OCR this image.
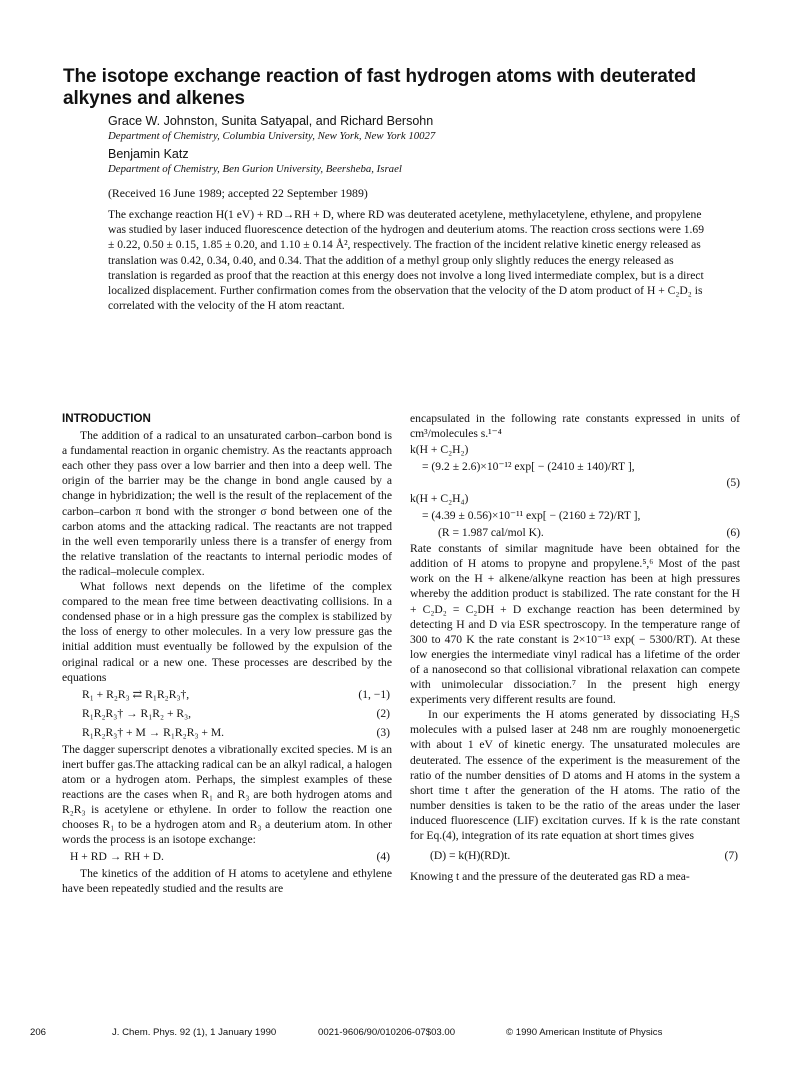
The isotope exchange reaction of fast hydrogen atoms with deuterated alkynes and alkenes

Grace W. Johnston, Sunita Satyapal, and Richard Bersohn

Department of Chemistry, Columbia University, New York, New York 10027

Benjamin Katz

Department of Chemistry, Ben Gurion University, Beersheba, Israel

(Received 16 June 1989; accepted 22 September 1989)

The exchange reaction H(1 eV) + RD→RH + D, where RD was deuterated acetylene, methylacetylene, ethylene, and propylene was studied by laser induced fluorescence detection of the hydrogen and deuterium atoms. The reaction cross sections were 1.69 ± 0.22, 0.50 ± 0.15, 1.85 ± 0.20, and 1.10 ± 0.14 Å², respectively. The fraction of the incident relative kinetic energy released as translation was 0.42, 0.34, 0.40, and 0.34. That the addition of a methyl group only slightly reduces the energy released as translation is regarded as proof that the reaction at this energy does not involve a long lived intermediate complex, but is a direct localized displacement. Further confirmation comes from the observation that the velocity of the D atom product of H + C₂D₂ is correlated with the velocity of the H atom reactant.

INTRODUCTION

The addition of a radical to an unsaturated carbon–carbon bond is a fundamental reaction in organic chemistry. As the reactants approach each other they pass over a low barrier and then into a deep well. The origin of the barrier may be the change in bond angle caused by a change in hybridization; the well is the result of the replacement of the carbon–carbon π bond with the stronger σ bond between one of the carbon atoms and the attacking radical. The reactants are not trapped in the well even temporarily unless there is a transfer of energy from the relative translation of the reactants to internal periodic modes of the radical–molecule complex.

What follows next depends on the lifetime of the complex compared to the mean free time between deactivating collisions. In a condensed phase or in a high pressure gas the complex is stabilized by the loss of energy to other molecules. In a very low pressure gas the initial addition must eventually be followed by the expulsion of the original radical or a new one. These processes are described by the equations

R₁ + R₂R₃ ⇄ R₁R₂R₃†,	(1, −1)
R₁R₂R₃† → R₁R₂ + R₃,	(2)
R₁R₂R₃† + M → R₁R₂R₃ + M.	(3)

The dagger superscript denotes a vibrationally excited species. M is an inert buffer gas.The attacking radical can be an alkyl radical, a halogen atom or a hydrogen atom. Perhaps, the simplest examples of these reactions are the cases when R₁ and R₃ are both hydrogen atoms and R₂R₃ is acetylene or ethylene. In order to follow the reaction one chooses R₁ to be a hydrogen atom and R₃ a deuterium atom. In other words the process is an isotope exchange:

H + RD → RH + D.	(4)

The kinetics of the addition of H atoms to acetylene and ethylene have been repeatedly studied and the results are

encapsulated in the following rate constants expressed in units of cm³/molecules s.¹⁻⁴

k(H + C₂H₂)
= (9.2 ± 2.6)×10⁻¹² exp[ − (2410 ± 140)/RT ],
(5)
k(H + C₂H₄)
= (4.39 ± 0.56)×10⁻¹¹ exp[ − (2160 ± 72)/RT ],
(R = 1.987 cal/mol K).	(6)

Rate constants of similar magnitude have been obtained for the addition of H atoms to propyne and propylene.⁵,⁶ Most of the past work on the H + alkene/alkyne reaction has been at high pressures whereby the addition product is stabilized. The rate constant for the H + C₂D₂ = C₂DH + D exchange reaction has been determined by detecting H and D via ESR spectroscopy. In the temperature range of 300 to 470 K the rate constant is 2×10⁻¹³ exp( − 5300/RT). At these low energies the intermediate vinyl radical has a lifetime of the order of a nanosecond so that collisional vibrational relaxation can compete with unimolecular dissociation.⁷ In the present high energy experiments very different results are found.

In our experiments the H atoms generated by dissociating H₂S molecules with a pulsed laser at 248 nm are roughly monoenergetic with about 1 eV of kinetic energy. The unsaturated molecules are deuterated. The essence of the experiment is the measurement of the ratio of the number densities of D atoms and H atoms in the system a short time t after the generation of the H atoms. The ratio of the number densities is taken to be the ratio of the areas under the laser induced fluorescence (LIF) excitation curves. If k is the rate constant for Eq.(4), integration of its rate equation at short times gives

(D) = k(H)(RD)t.	(7)

Knowing t and the pressure of the deuterated gas RD a mea-

206	J. Chem. Phys. 92 (1), 1 January 1990	0021-9606/90/010206-07$03.00	© 1990 American Institute of Physics
